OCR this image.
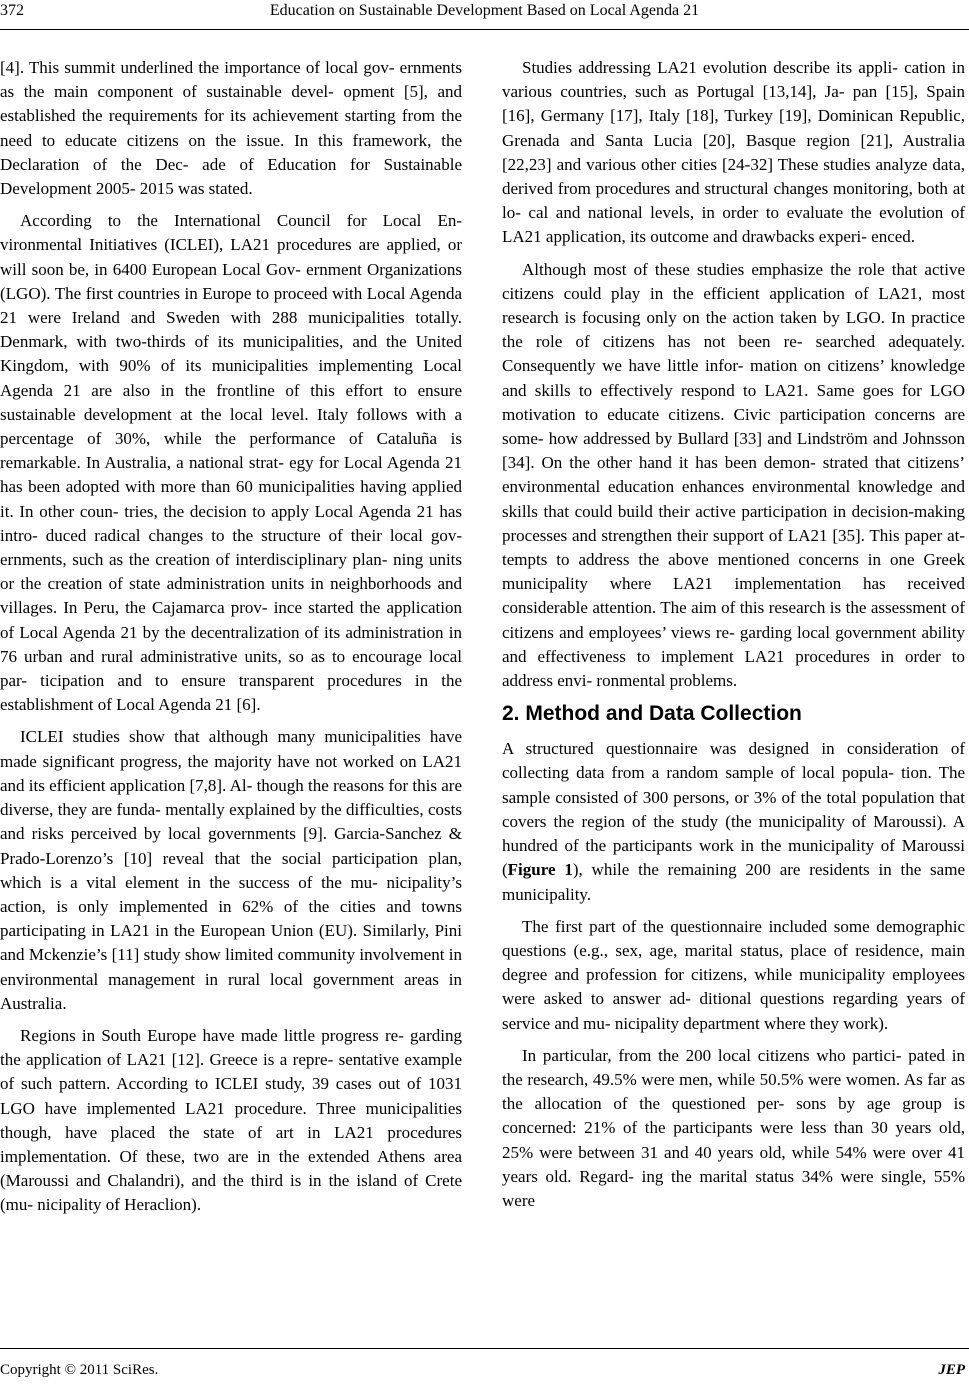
372	Education on Sustainable Development Based on Local Agenda 21

[4]. This summit underlined the importance of local gov- ernments as the main component of sustainable devel- opment [5], and established the requirements for its achievement starting from the need to educate citizens on the issue. In this framework, the Declaration of the Dec- ade of Education for Sustainable Development 2005- 2015 was stated.

According to the International Council for Local En- vironmental Initiatives (ICLEI), LA21 procedures are applied, or will soon be, in 6400 European Local Gov- ernment Organizations (LGO). The first countries in Europe to proceed with Local Agenda 21 were Ireland and Sweden with 288 municipalities totally. Denmark, with two-thirds of its municipalities, and the United Kingdom, with 90% of its municipalities implementing Local Agenda 21 are also in the frontline of this effort to ensure sustainable development at the local level. Italy follows with a percentage of 30%, while the performance of Cataluña is remarkable. In Australia, a national strat- egy for Local Agenda 21 has been adopted with more than 60 municipalities having applied it. In other coun- tries, the decision to apply Local Agenda 21 has intro- duced radical changes to the structure of their local gov- ernments, such as the creation of interdisciplinary plan- ning units or the creation of state administration units in neighborhoods and villages. In Peru, the Cajamarca prov- ince started the application of Local Agenda 21 by the decentralization of its administration in 76 urban and rural administrative units, so as to encourage local par- ticipation and to ensure transparent procedures in the establishment of Local Agenda 21 [6].

ICLEI studies show that although many municipalities have made significant progress, the majority have not worked on LA21 and its efficient application [7,8]. Al- though the reasons for this are diverse, they are funda- mentally explained by the difficulties, costs and risks perceived by local governments [9]. Garcia-Sanchez & Prado-Lorenzo’s [10] reveal that the social participation plan, which is a vital element in the success of the mu- nicipality’s action, is only implemented in 62% of the cities and towns participating in LA21 in the European Union (EU). Similarly, Pini and Mckenzie’s [11] study show limited community involvement in environmental management in rural local government areas in Australia.

Regions in South Europe have made little progress re- garding the application of LA21 [12]. Greece is a repre- sentative example of such pattern. According to ICLEI study, 39 cases out of 1031 LGO have implemented LA21 procedure. Three municipalities though, have placed the state of art in LA21 procedures implementation. Of these, two are in the extended Athens area (Maroussi and Chalandri), and the third is in the island of Crete (mu- nicipality of Heraclion).

Studies addressing LA21 evolution describe its appli- cation in various countries, such as Portugal [13,14], Ja- pan [15], Spain [16], Germany [17], Italy [18], Turkey [19], Dominican Republic, Grenada and Santa Lucia [20], Basque region [21], Australia [22,23] and various other cities [24-32] These studies analyze data, derived from procedures and structural changes monitoring, both at lo- cal and national levels, in order to evaluate the evolution of LA21 application, its outcome and drawbacks experi- enced.

Although most of these studies emphasize the role that active citizens could play in the efficient application of LA21, most research is focusing only on the action taken by LGO. In practice the role of citizens has not been re- searched adequately. Consequently we have little infor- mation on citizens’ knowledge and skills to effectively respond to LA21. Same goes for LGO motivation to educate citizens. Civic participation concerns are some- how addressed by Bullard [33] and Lindström and Johnsson [34]. On the other hand it has been demon- strated that citizens’ environmental education enhances environmental knowledge and skills that could build their active participation in decision-making processes and strengthen their support of LA21 [35]. This paper at- tempts to address the above mentioned concerns in one Greek municipality where LA21 implementation has received considerable attention. The aim of this research is the assessment of citizens and employees’ views re- garding local government ability and effectiveness to implement LA21 procedures in order to address envi- ronmental problems.

2. Method and Data Collection

A structured questionnaire was designed in consideration of collecting data from a random sample of local popula- tion. The sample consisted of 300 persons, or 3% of the total population that covers the region of the study (the municipality of Maroussi). A hundred of the participants work in the municipality of Maroussi (Figure 1), while the remaining 200 are residents in the same municipality.

The first part of the questionnaire included some demographic questions (e.g., sex, age, marital status, place of residence, main degree and profession for citizens, while municipality employees were asked to answer ad- ditional questions regarding years of service and mu- nicipality department where they work).

In particular, from the 200 local citizens who partici- pated in the research, 49.5% were men, while 50.5% were women. As far as the allocation of the questioned per- sons by age group is concerned: 21% of the participants were less than 30 years old, 25% were between 31 and 40 years old, while 54% were over 41 years old. Regard- ing the marital status 34% were single, 55% were

Copyright © 2011 SciRes.	JEP
